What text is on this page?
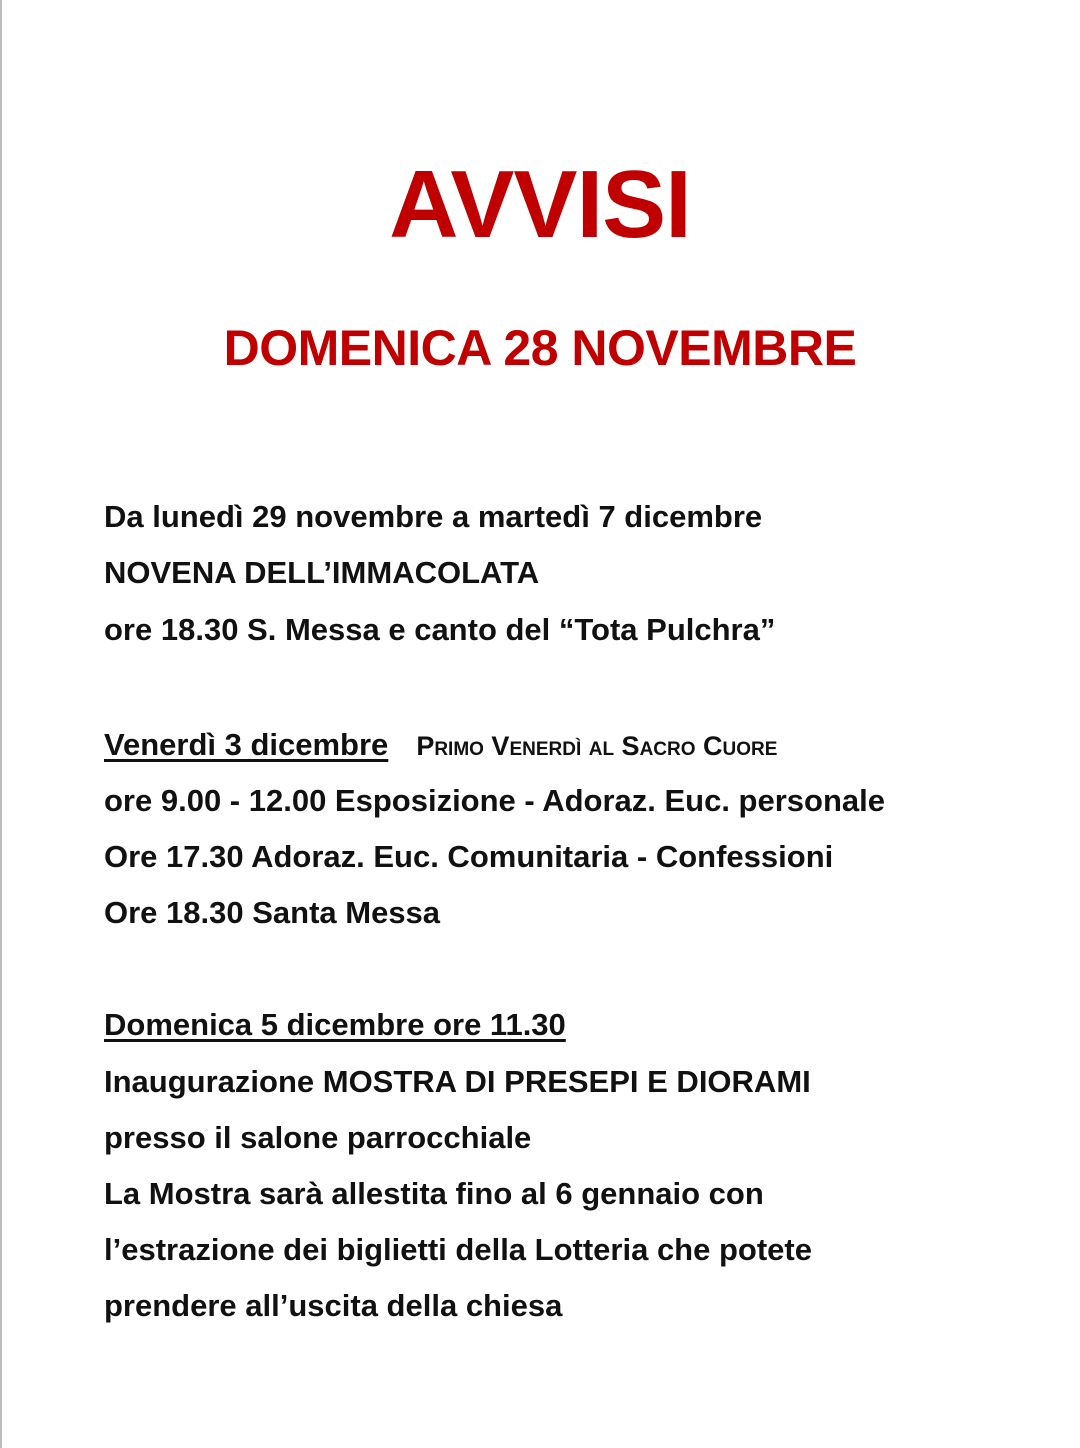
AVVISI
DOMENICA 28 NOVEMBRE

Da lunedì 29 novembre a martedì 7 dicembre

NOVENA DELL’IMMACOLATA

ore 18.30 S. Messa e canto del “Tota Pulchra”

Venerdì 3 dicembre Primo Venerdì al Sacro Cuore

ore 9.00 - 12.00 Esposizione - Adoraz. Euc. personale

Ore 17.30 Adoraz. Euc. Comunitaria - Confessioni

Ore 18.30 Santa Messa

Domenica 5 dicembre ore 11.30

Inaugurazione MOSTRA DI PRESEPI E DIORAMI

presso il salone parrocchiale

La Mostra sarà allestita fino al 6 gennaio con

l’estrazione dei biglietti della Lotteria che potete

prendere all’uscita della chiesa
